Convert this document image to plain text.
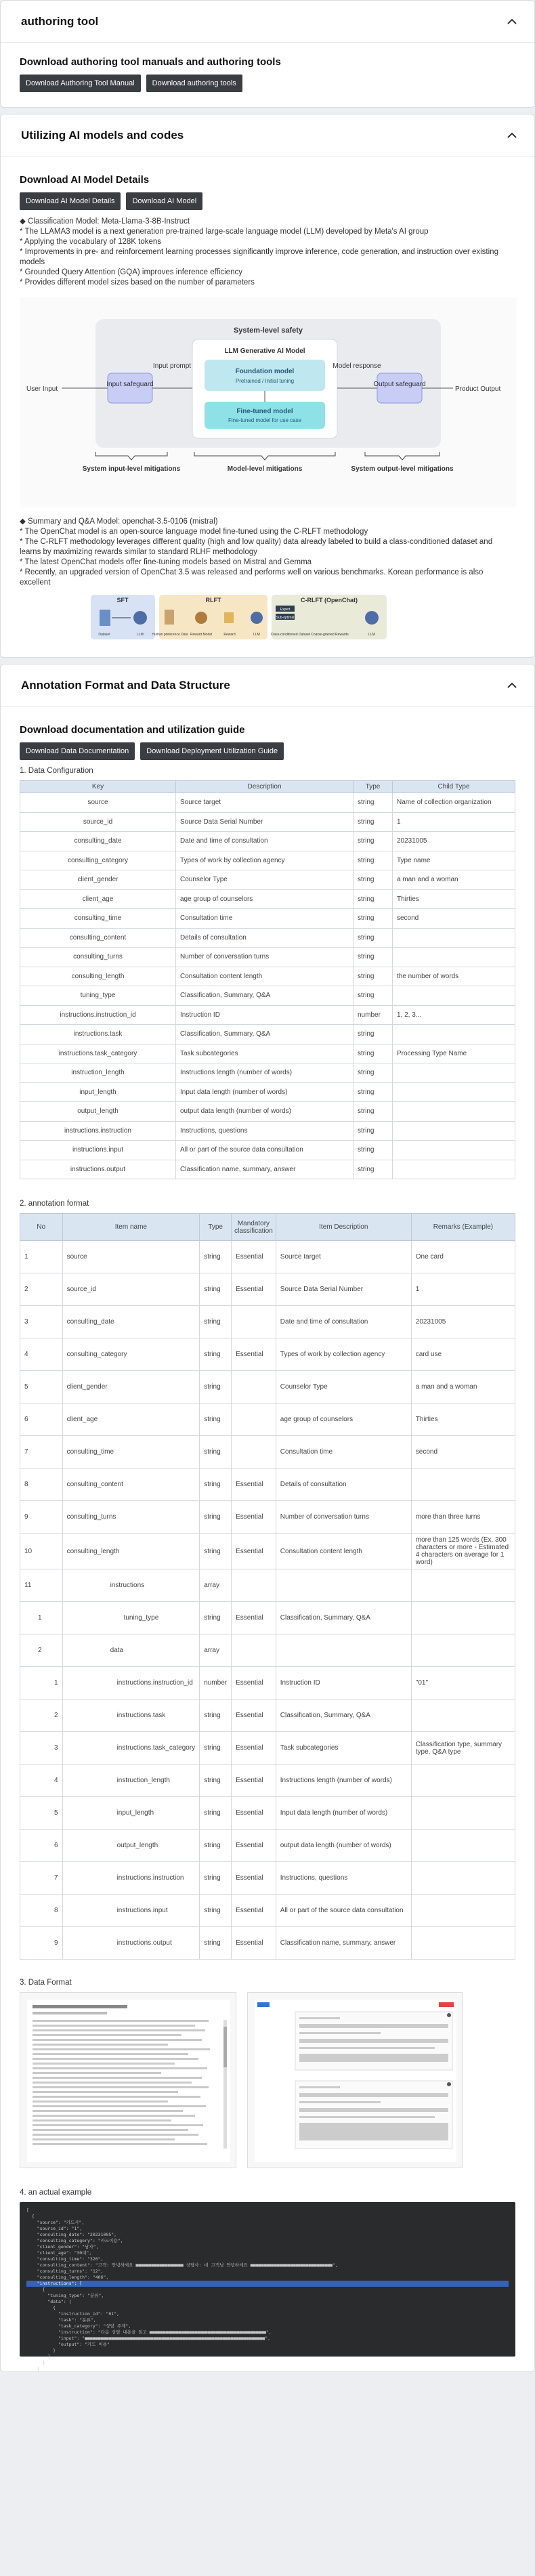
authoring tool
Download authoring tool manuals and authoring tools
Download Authoring Tool Manual	Download authoring tools
Utilizing AI models and codes
Download AI Model Details
Download AI Model Details	Download AI Model

◆ Classification Model: Meta-Llama-3-8B-Instruct

* The LLAMA3 model is a next generation pre-trained large-scale language model (LLM) developed by Meta's AI group

* Applying the vocabulary of 128K tokens

* Improvements in pre- and reinforcement learning processes significantly improve inference, code generation, and instruction over existing models

* Grounded Query Attention (GQA) improves inference efficiency

* Provides different model sizes based on the number of parameters

System-level safety
LLM Generative AI Model
Foundation model
Pretrained / Initial tuning
Fine-tuned model
Fine-tuned model for use case
User Input
Input safeguard
Input prompt	Model response
Output safeguard
Product Output
System input-level mitigations	Model-level mitigations	System output-level mitigations

◆ Summary and Q&A Model: openchat-3.5-0106 (mistral)

* The OpenChat model is an open-source language model fine-tuned using the C-RLFT methodology

* The C-RLFT methodology leverages different quality (high and low quality) data already labeled to build a class-conditioned dataset and learns by maximizing rewards similar to standard RLHF methodology

* The latest OpenChat models offer fine-tuning models based on Mistral and Gemma

* Recently, an upgraded version of OpenChat 3.5 was released and performs well on various benchmarks. Korean performance is also excellent

SFT
Dataset	LLM
RLFT
Human preference Data Reward Model	Reward	LLM
C-RLFT (OpenChat)
Expert
Sub-optimal
Class-conditioned Dataset Coarse-grained Rewards	LLM
Annotation Format and Data Structure
Download documentation and utilization guide
Download Data Documentation	Download Deployment Utilization Guide
1. Data Configuration
Key	Description	Type	Child Type
source	Source target	string	Name of collection organization
source_id	Source Data Serial Number	string	1
consulting_date	Date and time of consultation	string	20231005
consulting_category	Types of work by collection agency	string	Type name
client_gender	Counselor Type	string	a man and a woman
client_age	age group of counselors	string	Thirties
consulting_time	Consultation time	string	second
consulting_content	Details of consultation	string	
consulting_turns	Number of conversation turns	string	
consulting_length	Consultation content length	string	the number of words
tuning_type	Classification, Summary, Q&A	string	
instructions.instruction_id	Instruction ID	number	1, 2, 3...
instructions.task	Classification, Summary, Q&A	string	
instructions.task_category	Task subcategories	string	Processing Type Name
instruction_length	Instructions length (number of words)	string	
input_length	Input data length (number of words)	string	
output_length	output data length (number of words)	string	
instructions.instruction	Instructions, questions	string	
instructions.input	All or part of the source data consultation	string	
instructions.output	Classification name, summary, answer	string	
2. annotation format
No	Item name	Type	Mandatory classification	Item Description	Remarks (Example)
1	source	string	Essential	Source target	One card
2	source_id	string	Essential	Source Data Serial Number	1
3	consulting_date	string		Date and time of consultation	20231005
4	consulting_category	string	Essential	Types of work by collection agency	card use
5	client_gender	string		Counselor Type	a man and a woman
6	client_age	string		age group of counselors	Thirties
7	consulting_time	string		Consultation time	second
8	consulting_content	string	Essential	Details of consultation	
9	consulting_turns	string	Essential	Number of conversation turns	more than three turns
10	consulting_length	string	Essential	Consultation content length	more than 125 words (Ex. 300 characters or more - Estimated 4 characters on average for 1 word)
11	instructions	array			
1	tuning_type	string	Essential	Classification, Summary, Q&A	
2	data	array			
1	instructions.instruction_id	number	Essential	Instruction ID	"01"
2	instructions.task	string	Essential	Classification, Summary, Q&A	
3	instructions.task_category	string	Essential	Task subcategories	Classification type, summary type, Q&A type
4	instruction_length	string	Essential	Instructions length (number of words)	
5	input_length	string	Essential	Input data length (number of words)	
6	output_length	string	Essential	output data length (number of words)	
7	instructions.instruction	string	Essential	Instructions, questions	
8	instructions.input	string	Essential	All or part of the source data consultation	
9	instructions.output	string	Essential	Classification name, summary, answer	
3. Data Format
4. an actual example
[
{
"source": "카드사",
"source_id": "1",
"consulting_date": "20231005",
"consulting_category": "카드이용",
"client_gender": "남자",
"client_age": "30대",
"consulting_time": "320",
"consulting_content": "고객: 안녕하세요 ■■■■■■■■■■■■■■■■■■ 상담사: 네 고객님 안녕하세요 ■■■■■■■■■■■■■■■■■■■■■■■■■■■■■■■",
"consulting_turns": "12",
"consulting_length": "406",
"instructions": [
{
"tuning_type": "분류",
"data": [
{
"instruction_id": "01",
"task": "분류",
"task_category": "상담 주제",
"instruction": "다음 상담 내용을 읽고 ■■■■■■■■■■■■■■■■■■■■■■■■■■■■■■■■■■■■■■■■■■■■",
"input": "■■■■■■■■■■■■■■■■■■■■■■■■■■■■■■■■■■■■■■■■■■■■■■■■■■■■■■■■■■■■■■■■■■■■",
"output": "카드 이용"
}
]
}
]
